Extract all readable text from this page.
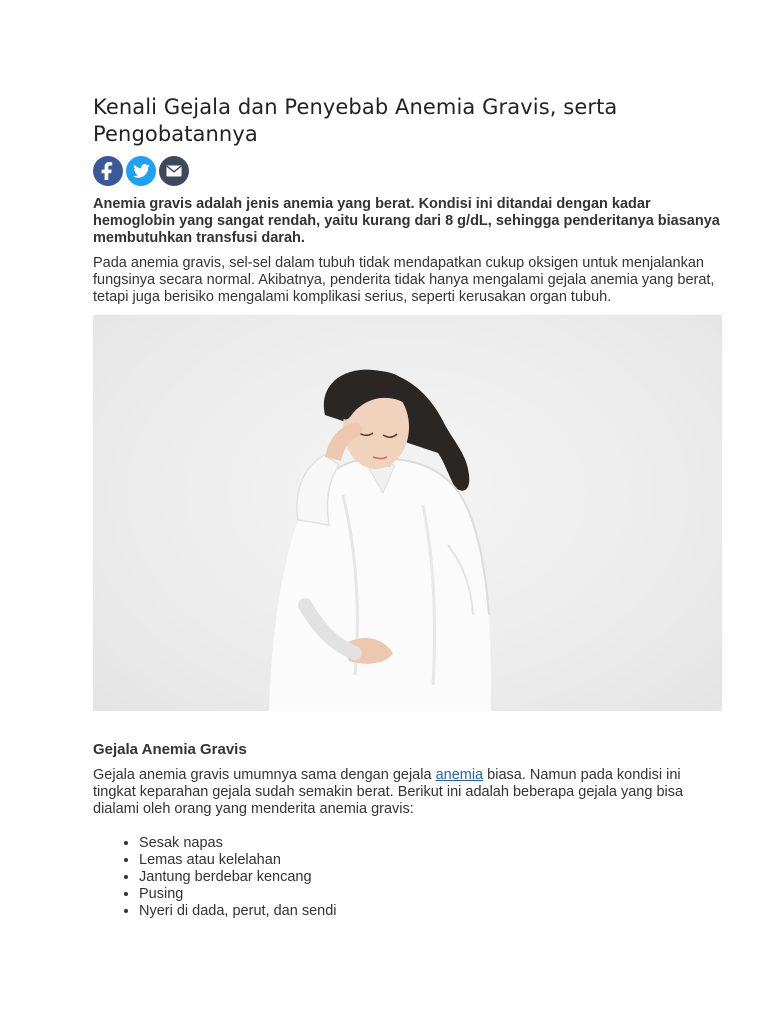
Kenali Gejala dan Penyebab Anemia Gravis, serta Pengobatannya

Anemia gravis adalah jenis anemia yang berat. Kondisi ini ditandai dengan kadar hemoglobin yang sangat rendah, yaitu kurang dari 8 g/dL, sehingga penderitanya biasanya membutuhkan transfusi darah.

Pada anemia gravis, sel-sel dalam tubuh tidak mendapatkan cukup oksigen untuk menjalankan fungsinya secara normal. Akibatnya, penderita tidak hanya mengalami gejala anemia yang berat, tetapi juga berisiko mengalami komplikasi serius, seperti kerusakan organ tubuh.

Gejala Anemia Gravis

Gejala anemia gravis umumnya sama dengan gejala anemia biasa. Namun pada kondisi ini tingkat keparahan gejala sudah semakin berat. Berikut ini adalah beberapa gejala yang bisa dialami oleh orang yang menderita anemia gravis:

• Sesak napas
• Lemas atau kelelahan
• Jantung berdebar kencang
• Pusing
• Nyeri di dada, perut, dan sendi
